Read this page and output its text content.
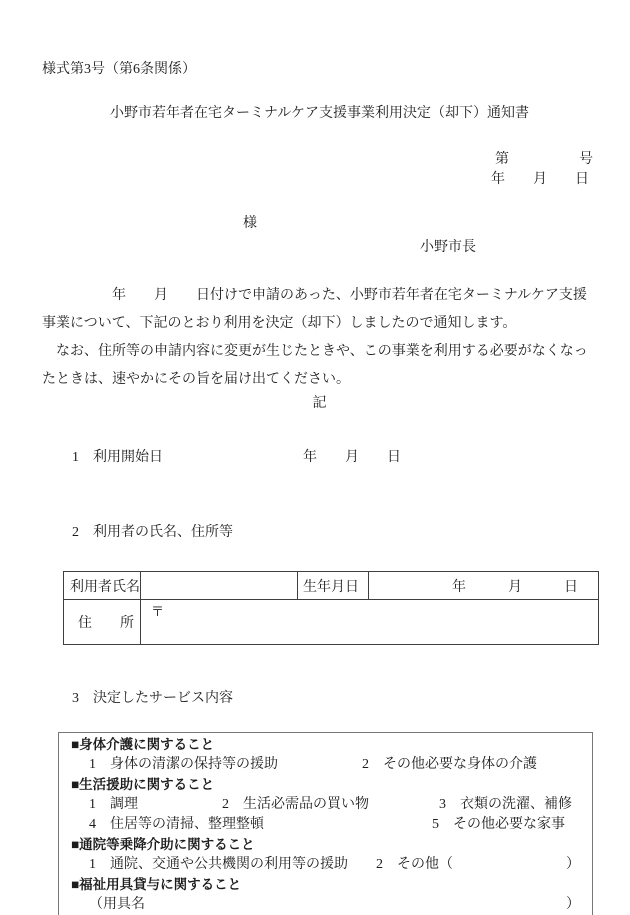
様式第3号（第6条関係）
小野市若年者在宅ターミナルケア支援事業利用決定（却下）通知書
第　　　　　号
年　　月　　日
様
小野市長
　　　　　年　　月　　日付けで申請のあった、小野市若年者在宅ターミナルケア支援
事業について、下記のとおり利用を決定（却下）しましたので通知します。
　なお、住所等の申請内容に変更が生じたときや、この事業を利用する必要がなくなっ
たときは、速やかにその旨を届け出てください。
記

1 利用開始日	年　　月　　日

2 利用者の氏名、住所等

利用者氏名		生年月日	年　　　月　　　日
住　　所	〒		

3 決定したサービス内容

■身体介護に関すること
1　身体の清潔の保持等の援助　　　　　　2　その他必要な身体の介護
■生活援助に関すること
1　調理　　　　　　2　生活必需品の買い物　　　　　3　衣類の洗濯、補修
4　住居等の清掃、整理整頓　　　　　　　　　　　　5　その他必要な家事
■通院等乗降介助に関すること
1　通院、交通や公共機関の利用等の援助　　2　その他（	）
■福祉用具貸与に関すること
（用具名	）
